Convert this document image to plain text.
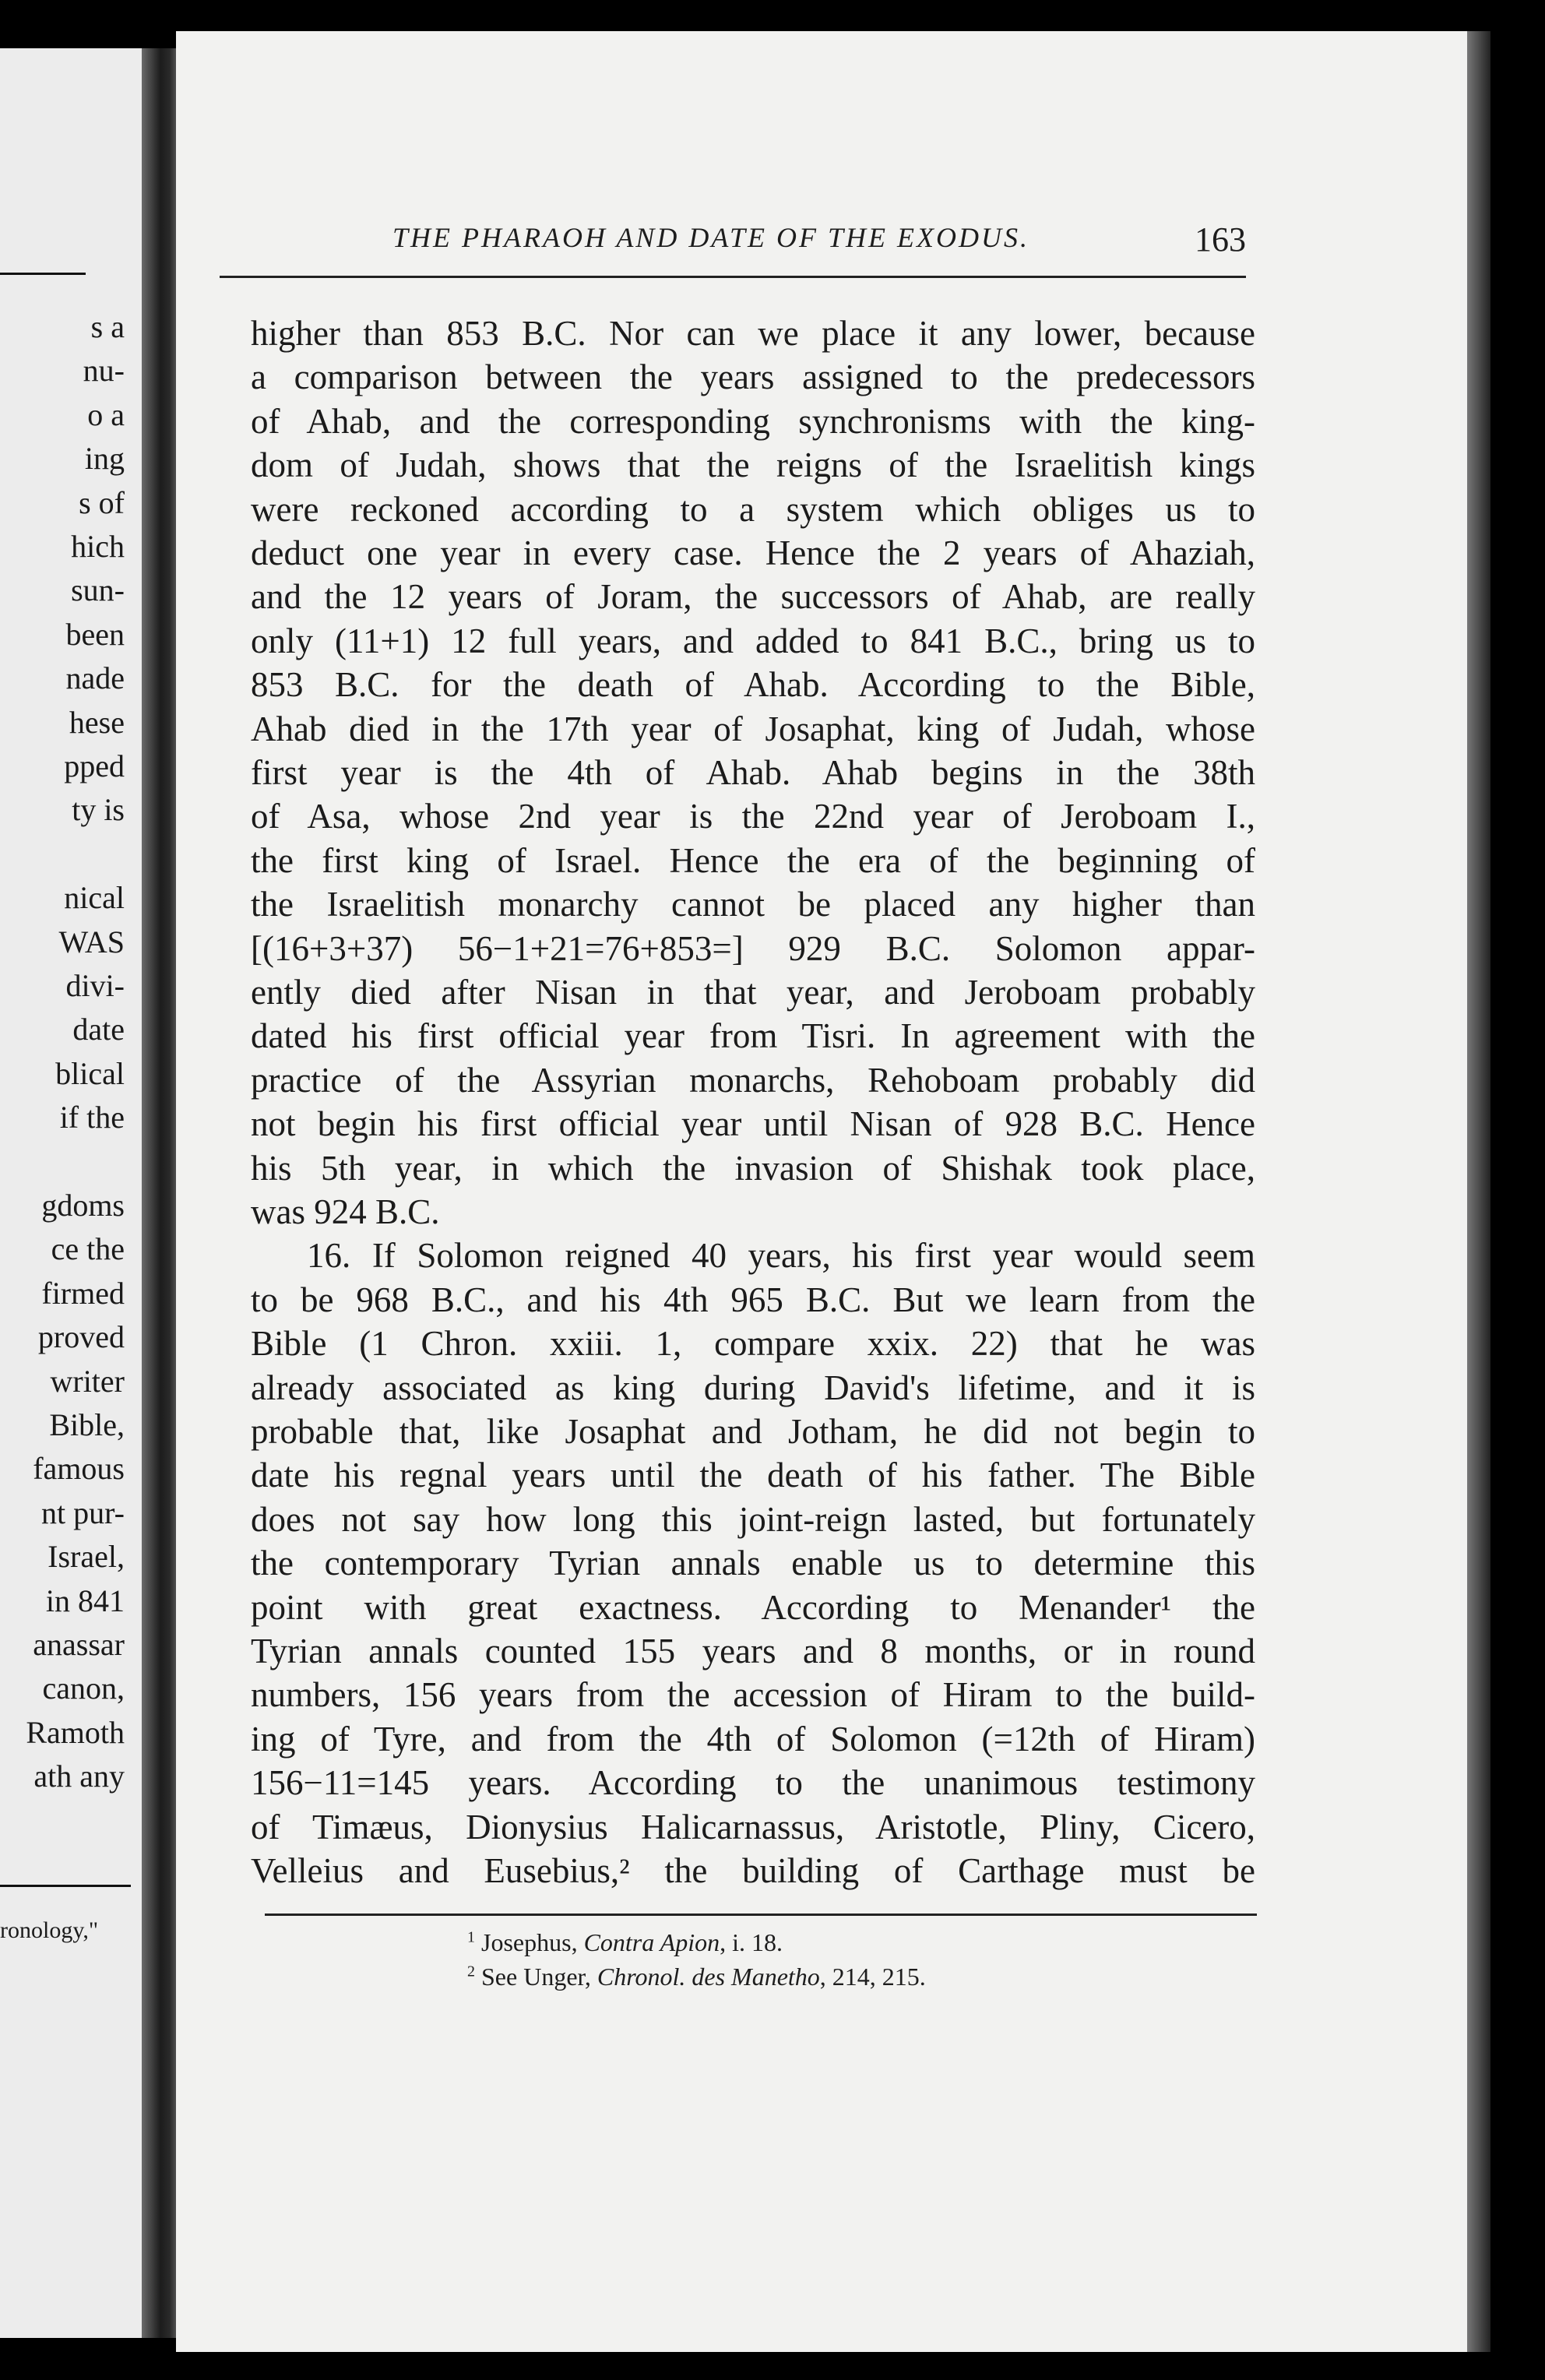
ronology,"
s a
nu-
o a
ing
s of
hich
sun-
been
nade
hese
pped
ty is
nical
WAS
divi-
date
blical
if the
gdoms
ce the
firmed
proved
writer
Bible,
famous
nt pur-
Israel,
in 841
anassar
canon,
Ramoth
ath any
THE PHARAOH AND DATE OF THE EXODUS.	163
higher than 853 B.C. Nor can we place it any lower, because
a comparison between the years assigned to the predecessors
of Ahab, and the corresponding synchronisms with the king-
dom of Judah, shows that the reigns of the Israelitish kings
were reckoned according to a system which obliges us to
deduct one year in every case. Hence the 2 years of Ahaziah,
and the 12 years of Joram, the successors of Ahab, are really
only (11+1) 12 full years, and added to 841 B.C., bring us to
853 B.C. for the death of Ahab. According to the Bible,
Ahab died in the 17th year of Josaphat, king of Judah, whose
first year is the 4th of Ahab. Ahab begins in the 38th
of Asa, whose 2nd year is the 22nd year of Jeroboam I.,
the first king of Israel. Hence the era of the beginning of
the Israelitish monarchy cannot be placed any higher than
[(16+3+37) 56−1+21=76+853=] 929 B.C. Solomon appar-
ently died after Nisan in that year, and Jeroboam probably
dated his first official year from Tisri. In agreement with the
practice of the Assyrian monarchs, Rehoboam probably did
not begin his first official year until Nisan of 928 B.C. Hence
his 5th year, in which the invasion of Shishak took place,
was 924 B.C.
16. If Solomon reigned 40 years, his first year would seem
to be 968 B.C., and his 4th 965 B.C. But we learn from the
Bible (1 Chron. xxiii. 1, compare xxix. 22) that he was
already associated as king during David's lifetime, and it is
probable that, like Josaphat and Jotham, he did not begin to
date his regnal years until the death of his father. The Bible
does not say how long this joint-reign lasted, but fortunately
the contemporary Tyrian annals enable us to determine this
point with great exactness. According to Menander¹ the
Tyrian annals counted 155 years and 8 months, or in round
numbers, 156 years from the accession of Hiram to the build-
ing of Tyre, and from the 4th of Solomon (=12th of Hiram)
156−11=145 years. According to the unanimous testimony
of Timæus, Dionysius Halicarnassus, Aristotle, Pliny, Cicero,
Velleius and Eusebius,² the building of Carthage must be
$^1$ Josephus, Contra Apion, i. 18.
$^2$ See Unger, Chronol. des Manetho, 214, 215.
